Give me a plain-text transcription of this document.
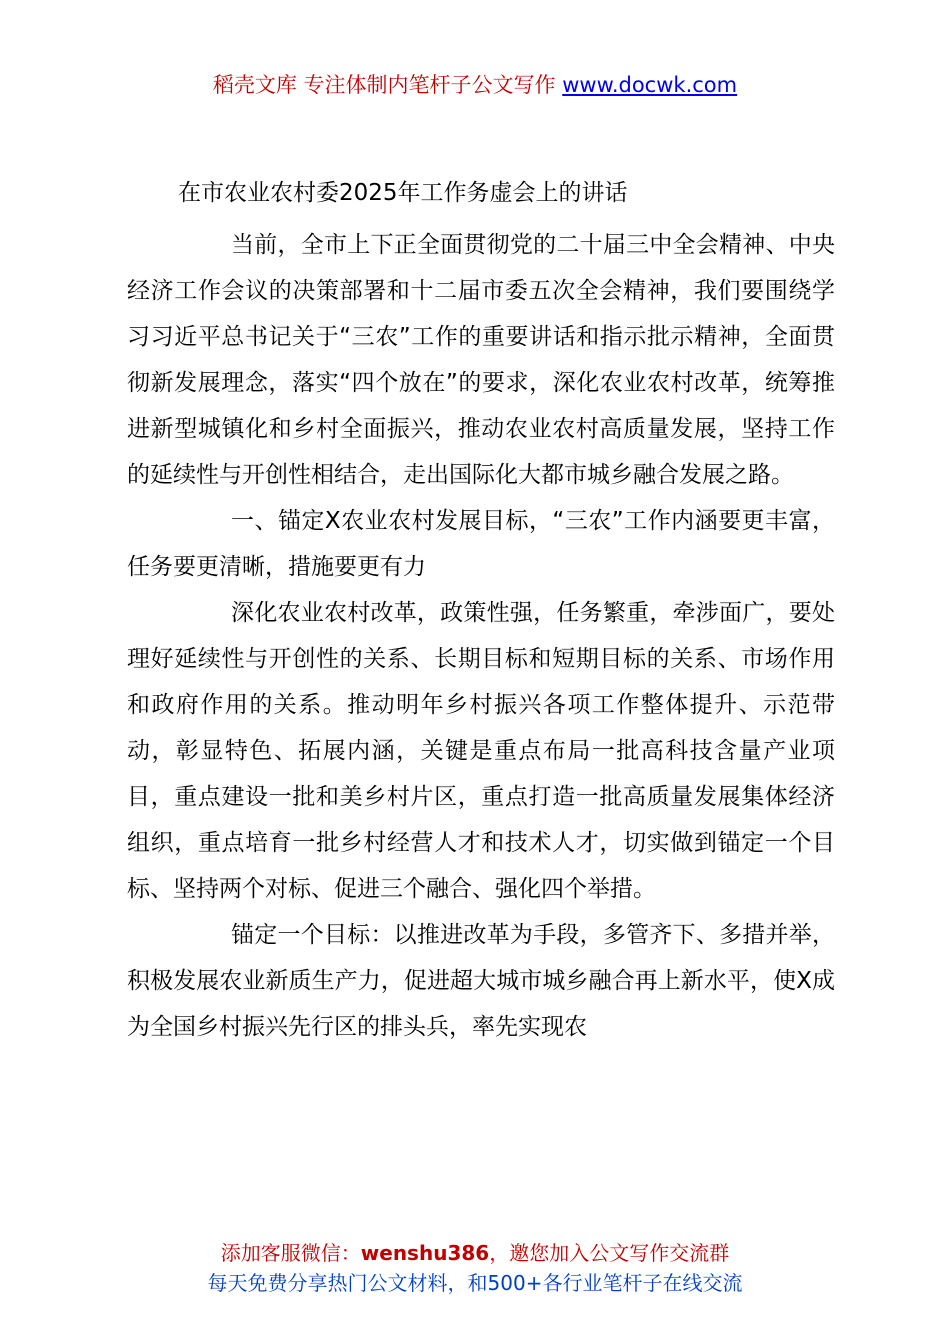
稻壳文库 专注体制内笔杆子公文写作 www.docwk.com
在市农业农村委2025年工作务虚会上的讲话

当前，全市上下正全面贯彻党的二十届三中全会精神、中央经济工作会议的决策部署和十二届市委五次全会精神，我们要围绕学习习近平总书记关于“三农”工作的重要讲话和指示批示精神，全面贯彻新发展理念，落实“四个放在”的要求，深化农业农村改革，统筹推进新型城镇化和乡村全面振兴，推动农业农村高质量发展，坚持工作的延续性与开创性相结合，走出国际化大都市城乡融合发展之路。

一、锚定X农业农村发展目标，“三农”工作内涵要更丰富，任务要更清晰，措施要更有力

深化农业农村改革，政策性强，任务繁重，牵涉面广，要处理好延续性与开创性的关系、长期目标和短期目标的关系、市场作用和政府作用的关系。推动明年乡村振兴各项工作整体提升、示范带动，彰显特色、拓展内涵，关键是重点布局一批高科技含量产业项目，重点建设一批和美乡村片区，重点打造一批高质量发展集体经济组织，重点培育一批乡村经营人才和技术人才，切实做到锚定一个目标、坚持两个对标、促进三个融合、强化四个举措。

锚定一个目标：以推进改革为手段，多管齐下、多措并举，积极发展农业新质生产力，促进超大城市城乡融合再上新水平，使X成为全国乡村振兴先行区的排头兵，率先实现农

添加客服微信：wenshu386，邀您加入公文写作交流群
每天免费分享热门公文材料，和500+各行业笔杆子在线交流
